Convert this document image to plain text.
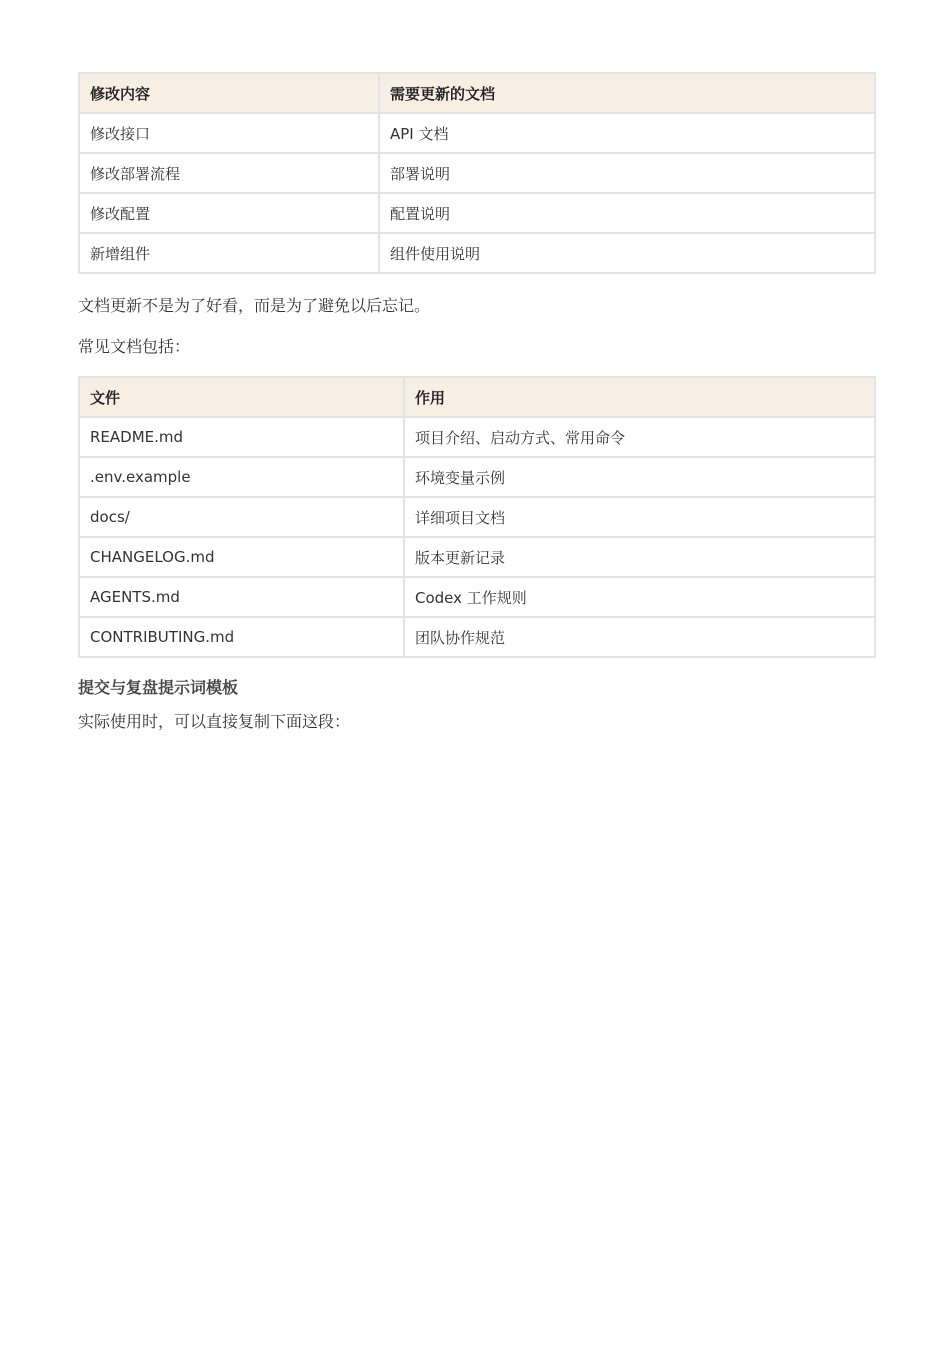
修改内容	需要更新的文档
修改接口	API 文档
修改部署流程	部署说明
修改配置	配置说明
新增组件	组件使用说明

文档更新不是为了好看，而是为了避免以后忘记。

常见文档包括：

文件	作用
README.md	项目介绍、启动方式、常用命令
.env.example	环境变量示例
docs/	详细项目文档
CHANGELOG.md	版本更新记录
AGENTS.md	Codex 工作规则
CONTRIBUTING.md	团队协作规范

提交与复盘提示词模板

实际使用时，可以直接复制下面这段：
